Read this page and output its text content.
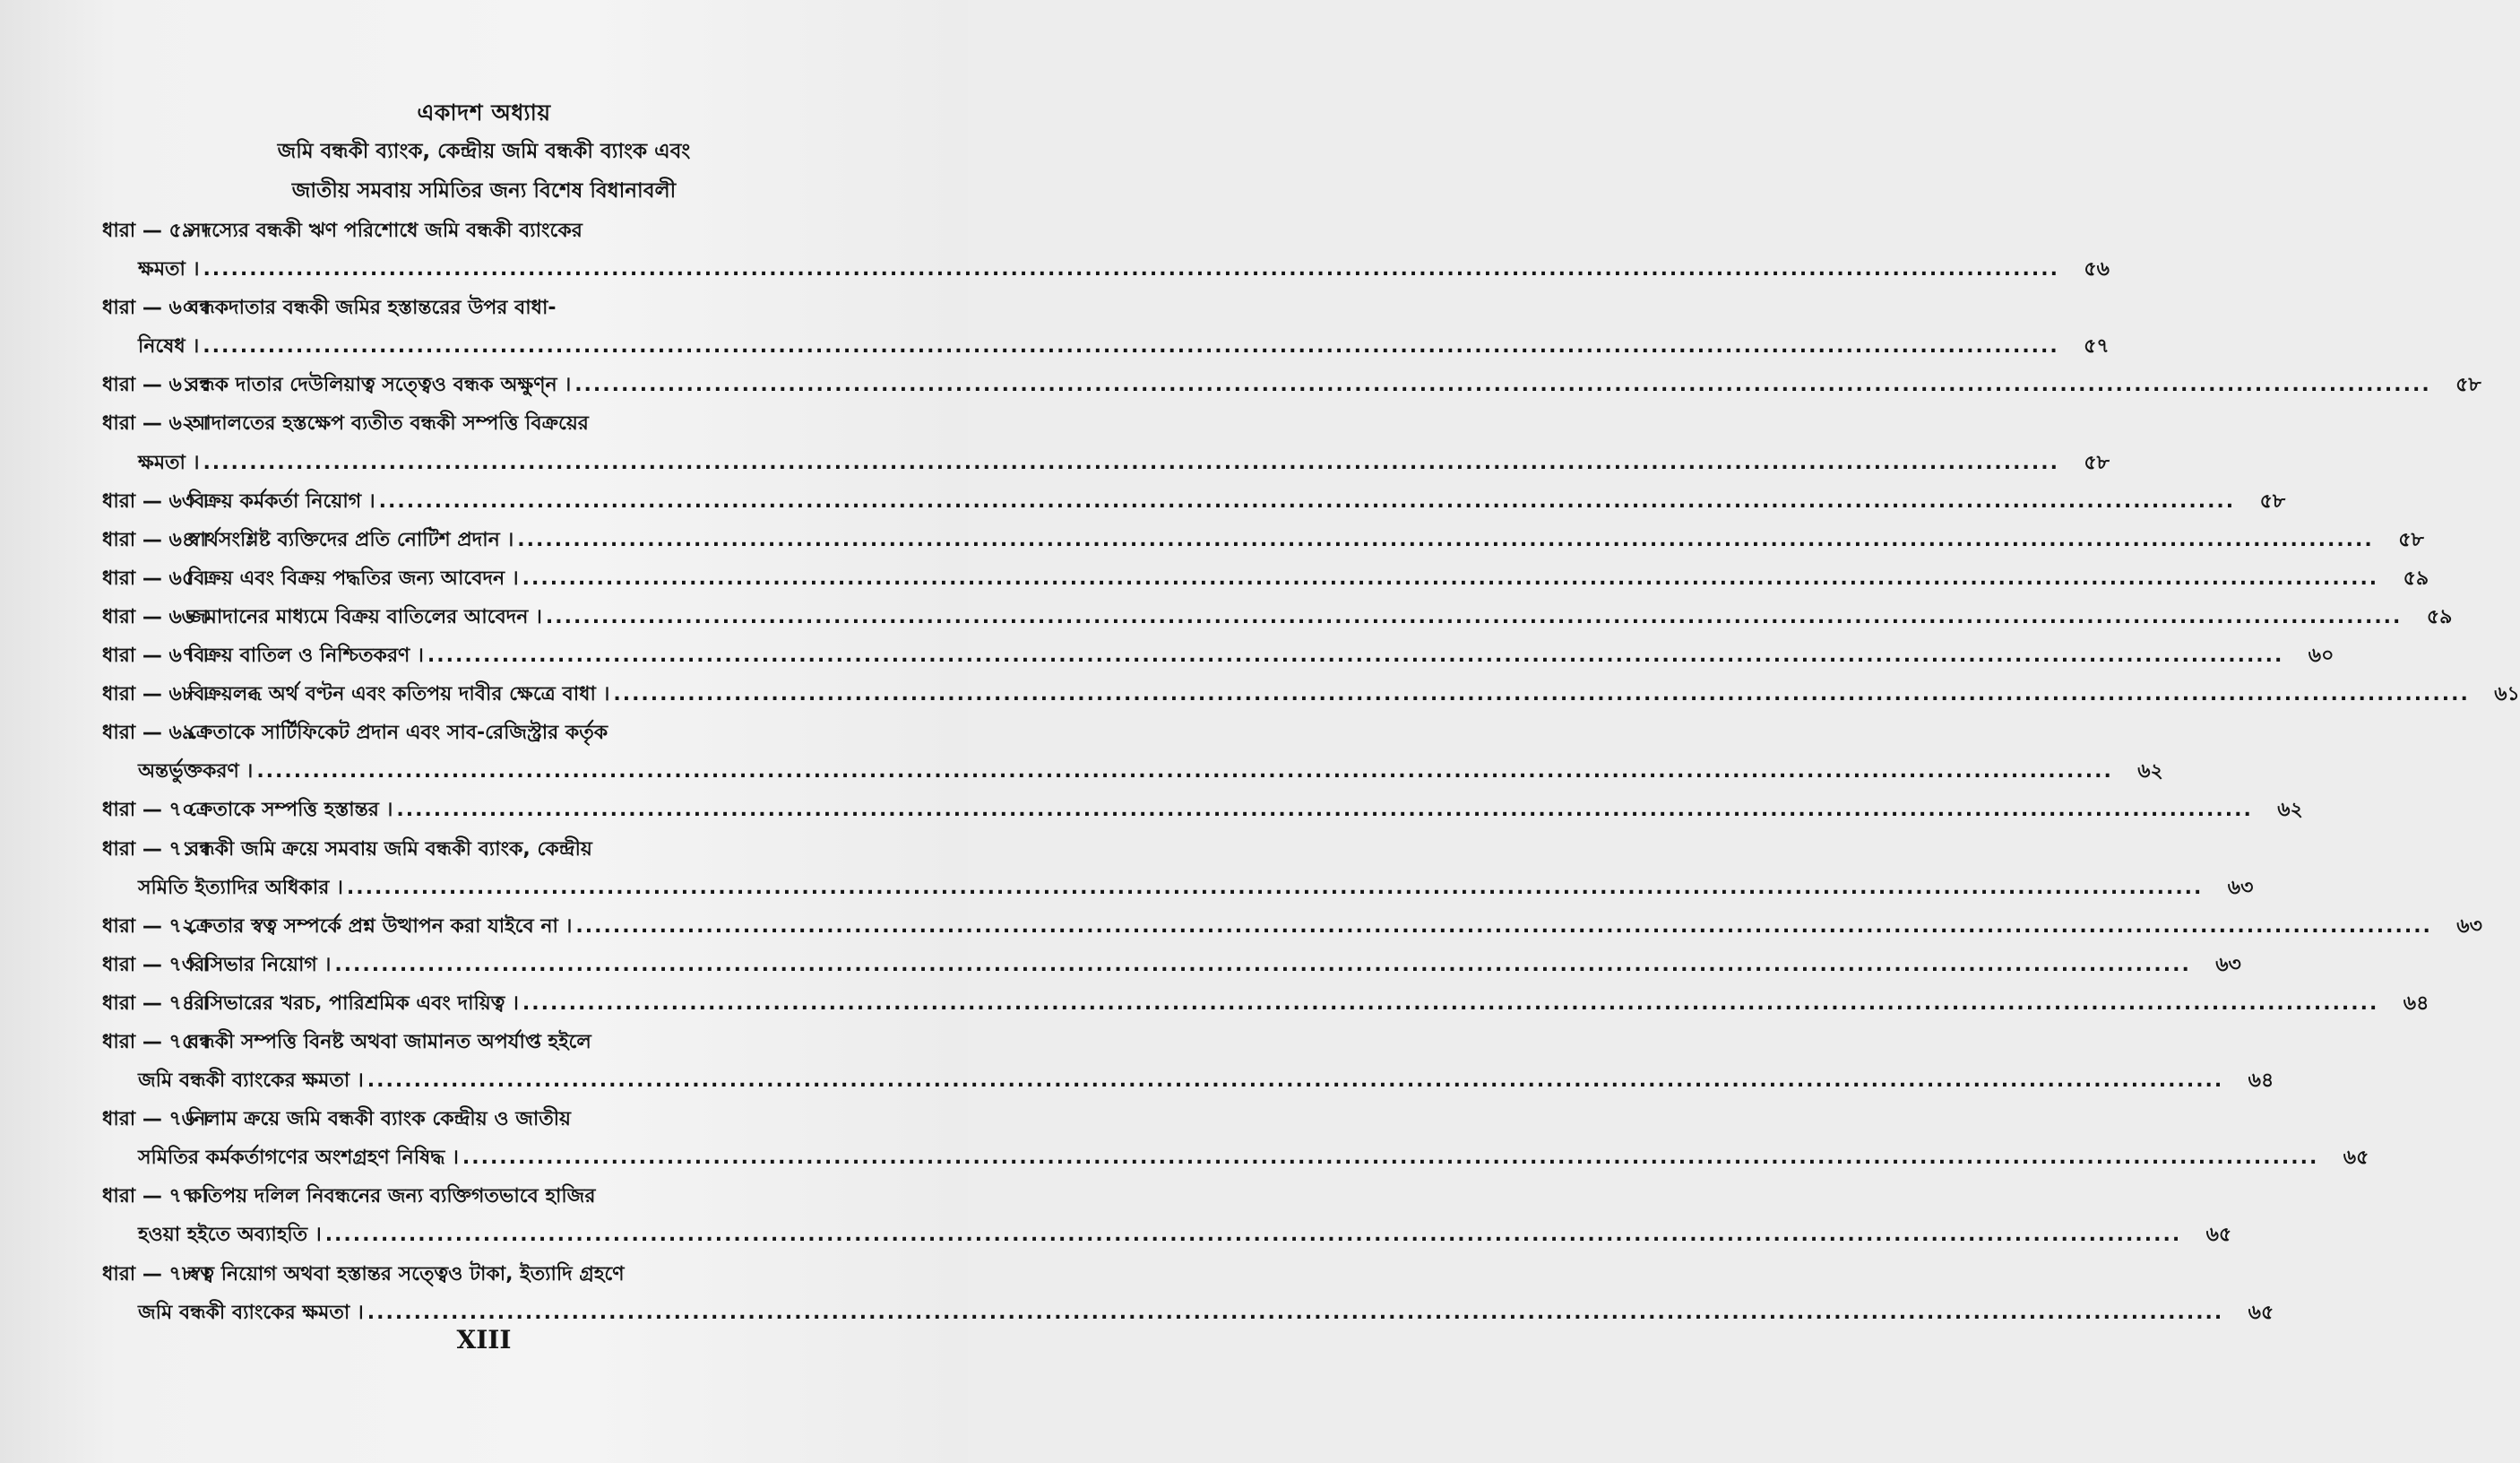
একাদশ অধ্যায়
জমি বন্ধকী ব্যাংক, কেন্দ্রীয় জমি বন্ধকী ব্যাংক এবং
জাতীয় সমবায় সমিতির জন্য বিশেষ বিধানাবলী
ধারা — ৫৯ ।সদস্যের বন্ধকী ঋণ পরিশোধে জমি বন্ধকী ব্যাংকের
ক্ষমতা । ........................................................................................................................................................................................................	৫৬
ধারা — ৬০ ।বন্ধকদাতার বন্ধকী জমির হস্তান্তরের উপর বাধা-
নিষেধ । ........................................................................................................................................................................................................	৫৭
ধারা — ৬১ :বন্ধক দাতার দেউলিয়াত্ব সত্ত্বেও বন্ধক অক্ষুণ্ন । ........................................................................................................................................................................................................	৫৮
ধারা — ৬২ ।আদালতের হস্তক্ষেপ ব্যতীত বন্ধকী সম্পত্তি বিক্রয়ের
ক্ষমতা । ........................................................................................................................................................................................................	৫৮
ধারা — ৬৩ ।বিক্রয় কর্মকর্তা নিয়োগ । ........................................................................................................................................................................................................	৫৮
ধারা — ৬৪ ।স্বার্থসংশ্লিষ্ট ব্যক্তিদের প্রতি নোটিশ প্রদান । ........................................................................................................................................................................................................	৫৮
ধারা — ৬৫ ।বিক্রয় এবং বিক্রয় পদ্ধতির জন্য আবেদন । ........................................................................................................................................................................................................	৫৯
ধারা — ৬৬ ।জমাদানের মাধ্যমে বিক্রয় বাতিলের আবেদন । ........................................................................................................................................................................................................	৫৯
ধারা — ৬৭ ।বিক্রয় বাতিল ও নিশ্চিতকরণ । ........................................................................................................................................................................................................	৬০
ধারা — ৬৮ ।বিক্রয়লব্ধ অর্থ বণ্টন এবং কতিপয় দাবীর ক্ষেত্রে বাধা । ........................................................................................................................................................................................................	৬১
ধারা — ৬৯ ।ক্রেতাকে সার্টিফিকেট প্রদান এবং সাব-রেজিস্ট্রার কর্তৃক
অন্তর্ভুক্তকরণ । ........................................................................................................................................................................................................	৬২
ধারা — ৭০ ।ক্রেতাকে সম্পত্তি হস্তান্তর । ........................................................................................................................................................................................................	৬২
ধারা — ৭১ ।বন্ধকী জমি ক্রয়ে সমবায় জমি বন্ধকী ব্যাংক, কেন্দ্রীয়
সমিতি ইত্যাদির অধিকার । ........................................................................................................................................................................................................	৬৩
ধারা — ৭২ ।ক্রেতার স্বত্ব সম্পর্কে প্রশ্ন উত্থাপন করা যাইবে না । ........................................................................................................................................................................................................	৬৩
ধারা — ৭৩ ।রিসিভার নিয়োগ । ........................................................................................................................................................................................................	৬৩
ধারা — ৭৪ ।রিসিভারের খরচ, পারিশ্রমিক এবং দায়িত্ব । ........................................................................................................................................................................................................	৬৪
ধারা — ৭৫ ।বন্ধকী সম্পত্তি বিনষ্ট অথবা জামানত অপর্যাপ্ত হইলে
জমি বন্ধকী ব্যাংকের ক্ষমতা । ........................................................................................................................................................................................................	৬৪
ধারা — ৭৬ ।নিলাম ক্রয়ে জমি বন্ধকী ব্যাংক কেন্দ্রীয় ও জাতীয়
সমিতির কর্মকর্তাগণের অংশগ্রহণ নিষিদ্ধ । ........................................................................................................................................................................................................	৬৫
ধারা — ৭৭ ।কতিপয় দলিল নিবন্ধনের জন্য ব্যক্তিগতভাবে হাজির
হওয়া হইতে অব্যাহতি । ........................................................................................................................................................................................................	৬৫
ধারা — ৭৮ ।স্বত্ব নিয়োগ অথবা হস্তান্তর সত্ত্বেও টাকা, ইত্যাদি গ্রহণে
জমি বন্ধকী ব্যাংকের ক্ষমতা । ........................................................................................................................................................................................................	৬৫
XIII
